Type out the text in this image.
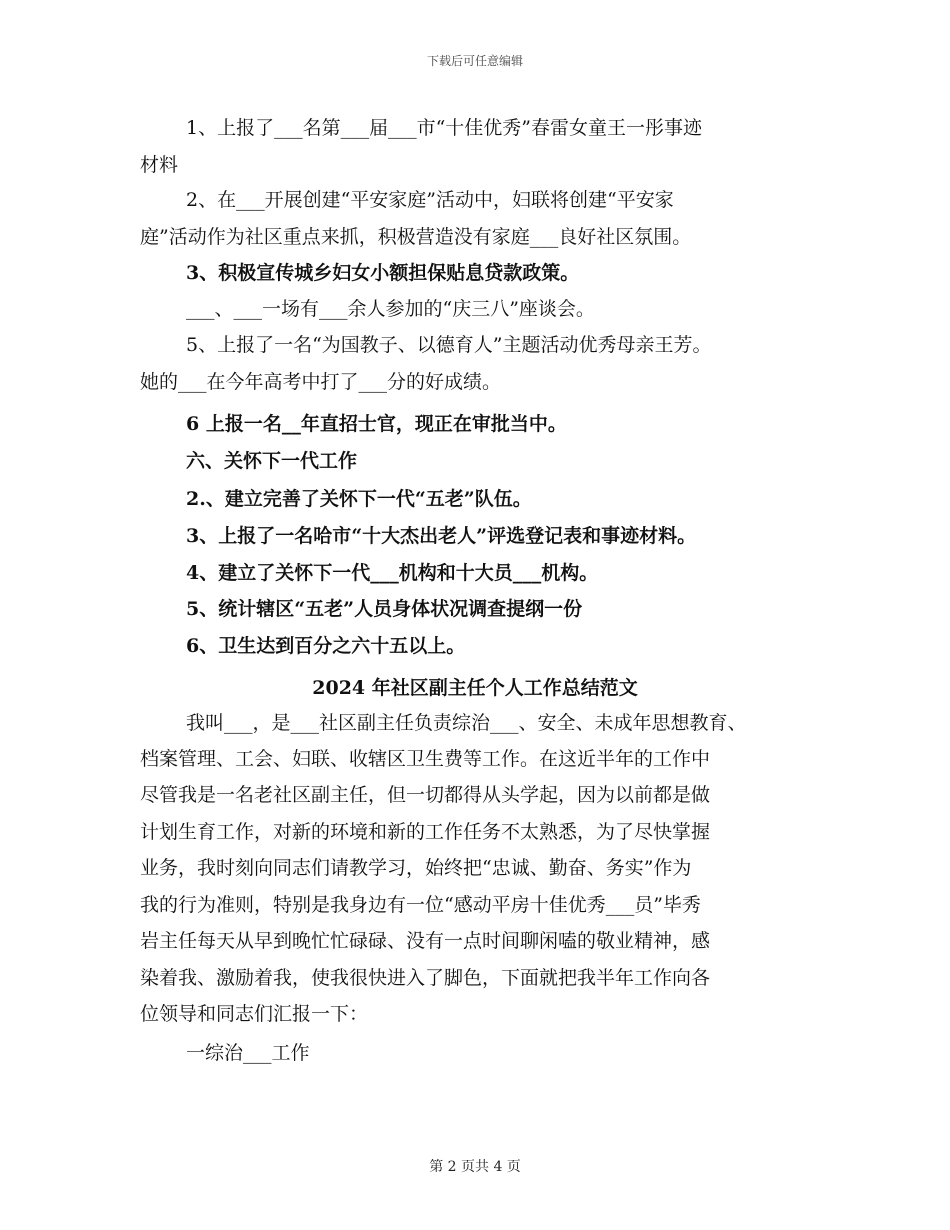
下载后可任意编辑
1、上报了___名第___届___市“十佳优秀”春雷女童王一彤事迹
材料
2、在___开展创建“平安家庭”活动中，妇联将创建“平安家
庭”活动作为社区重点来抓，积极营造没有家庭___良好社区氛围。
3、积极宣传城乡妇女小额担保贴息贷款政策。
___、___一场有___余人参加的“庆三八”座谈会。
5、上报了一名“为国教子、以德育人”主题活动优秀母亲王芳。
她的___在今年高考中打了___分的好成绩。
6 上报一名__年直招士官，现正在审批当中。
六、关怀下一代工作
2.、建立完善了关怀下一代“五老”队伍。
3、上报了一名哈市“十大杰出老人”评选登记表和事迹材料。
4、建立了关怀下一代___机构和十大员___机构。
5、统计辖区“五老”人员身体状况调查提纲一份
6、卫生达到百分之六十五以上。
2024 年社区副主任个人工作总结范文
我叫___，是___社区副主任负责综治___、安全、未成年思想教育、
档案管理、工会、妇联、收辖区卫生费等工作。在这近半年的工作中
尽管我是一名老社区副主任，但一切都得从头学起，因为以前都是做
计划生育工作，对新的环境和新的工作任务不太熟悉，为了尽快掌握
业务，我时刻向同志们请教学习，始终把“忠诚、勤奋、务实”作为
我的行为准则，特别是我身边有一位“感动平房十佳优秀___员”毕秀
岩主任每天从早到晚忙忙碌碌、没有一点时间聊闲嗑的敬业精神，感
染着我、激励着我，使我很快进入了脚色，下面就把我半年工作向各
位领导和同志们汇报一下：
一综治___工作
第 2 页共 4 页
